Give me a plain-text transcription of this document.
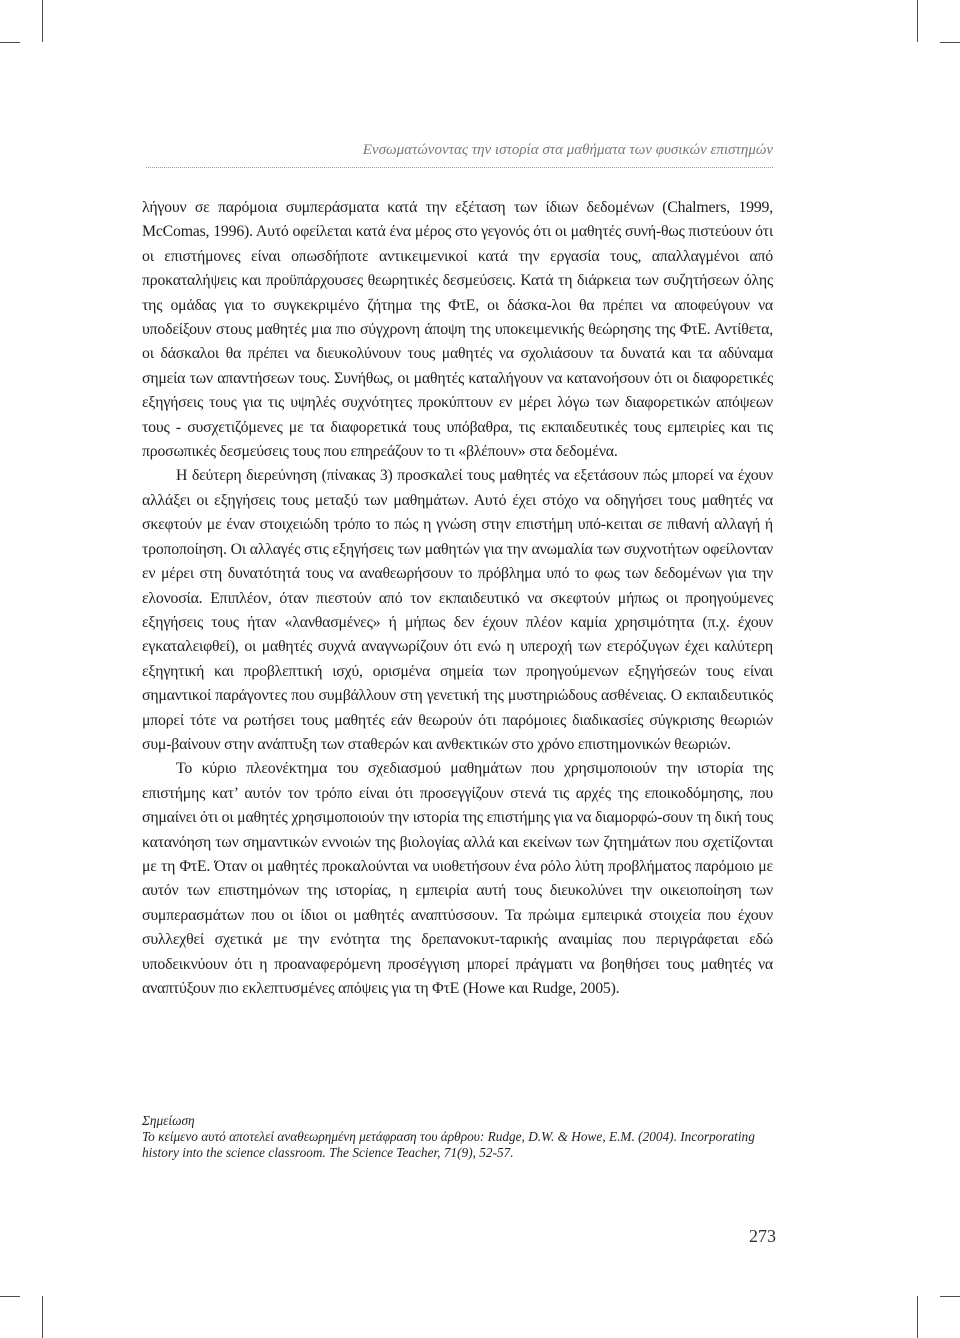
Ενσωματώνοντας την ιστορία στα μαθήματα των φυσικών επιστημών

λήγουν σε παρόμοια συμπεράσματα κατά την εξέταση των ίδιων δεδομένων (Chalmers, 1999, McComas, 1996). Αυτό οφείλεται κατά ένα μέρος στο γεγονός ότι οι μαθητές συνή-θως πιστεύουν ότι οι επιστήμονες είναι οπωσδήποτε αντικειμενικοί κατά την εργασία τους, απαλλαγμένοι από προκαταλήψεις και προϋπάρχουσες θεωρητικές δεσμεύσεις. Κατά τη διάρκεια των συζητήσεων όλης της ομάδας για το συγκεκριμένο ζήτημα της ΦτΕ, οι δάσκα-λοι θα πρέπει να αποφεύγουν να υποδείξουν στους μαθητές μια πιο σύγχρονη άποψη της υποκειμενικής θεώρησης της ΦτΕ. Αντίθετα, οι δάσκαλοι θα πρέπει να διευκολύνουν τους μαθητές να σχολιάσουν τα δυνατά και τα αδύναμα σημεία των απαντήσεων τους. Συνήθως, οι μαθητές καταλήγουν να κατανοήσουν ότι οι διαφορετικές εξηγήσεις τους για τις υψηλές συχνότητες προκύπτουν εν μέρει λόγω των διαφορετικών απόψεων τους - συσχετιζόμενες με τα διαφορετικά τους υπόβαθρα, τις εκπαιδευτικές τους εμπειρίες και τις προσωπικές δεσμεύσεις τους που επηρεάζουν το τι «βλέπουν» στα δεδομένα.

Η δεύτερη διερεύνηση (πίνακας 3) προσκαλεί τους μαθητές να εξετάσουν πώς μπορεί να έχουν αλλάξει οι εξηγήσεις τους μεταξύ των μαθημάτων. Αυτό έχει στόχο να οδηγήσει τους μαθητές να σκεφτούν με έναν στοιχειώδη τρόπο το πώς η γνώση στην επιστήμη υπό-κειται σε πιθανή αλλαγή ή τροποποίηση. Οι αλλαγές στις εξηγήσεις των μαθητών για την ανωμαλία των συχνοτήτων οφείλονταν εν μέρει στη δυνατότητά τους να αναθεωρήσουν το πρόβλημα υπό το φως των δεδομένων για την ελονοσία. Επιπλέον, όταν πιεστούν από τον εκπαιδευτικό να σκεφτούν μήπως οι προηγούμενες εξηγήσεις τους ήταν «λανθασμένες» ή μήπως δεν έχουν πλέον καμία χρησιμότητα (π.χ. έχουν εγκαταλειφθεί), οι μαθητές συχνά αναγνωρίζουν ότι ενώ η υπεροχή των ετερόζυγων έχει καλύτερη εξηγητική και προβλεπτική ισχύ, ορισμένα σημεία των προηγούμενων εξηγήσεών τους είναι σημαντικοί παράγοντες που συμβάλλουν στη γενετική της μυστηριώδους ασθένειας. Ο εκπαιδευτικός μπορεί τότε να ρωτήσει τους μαθητές εάν θεωρούν ότι παρόμοιες διαδικασίες σύγκρισης θεωριών συμ-βαίνουν στην ανάπτυξη των σταθερών και ανθεκτικών στο χρόνο επιστημονικών θεωριών.

Το κύριο πλεονέκτημα του σχεδιασμού μαθημάτων που χρησιμοποιούν την ιστορία της επιστήμης κατ’ αυτόν τον τρόπο είναι ότι προσεγγίζουν στενά τις αρχές της εποικοδόμησης, που σημαίνει ότι οι μαθητές χρησιμοποιούν την ιστορία της επιστήμης για να διαμορφώ-σουν τη δική τους κατανόηση των σημαντικών εννοιών της βιολογίας αλλά και εκείνων των ζητημάτων που σχετίζονται με τη ΦτΕ. Όταν οι μαθητές προκαλούνται να υιοθετήσουν ένα ρόλο λύτη προβλήματος παρόμοιο με αυτόν των επιστημόνων της ιστορίας, η εμπειρία αυτή τους διευκολύνει την οικειοποίηση των συμπερασμάτων που οι ίδιοι οι μαθητές αναπτύσσουν. Τα πρώιμα εμπειρικά στοιχεία που έχουν συλλεχθεί σχετικά με την ενότητα της δρεπανοκυτ-ταρικής αναιμίας που περιγράφεται εδώ υποδεικνύουν ότι η προαναφερόμενη προσέγγιση μπορεί πράγματι να βοηθήσει τους μαθητές να αναπτύξουν πιο εκλεπτυσμένες απόψεις για τη ΦτΕ (Howe και Rudge, 2005).

Σημείωση
Το κείμενο αυτό αποτελεί αναθεωρημένη μετάφραση του άρθρου: Rudge, D.W. & Howe, E.M. (2004). Incorporating history into the science classroom. The Science Teacher, 71(9), 52-57.
273
